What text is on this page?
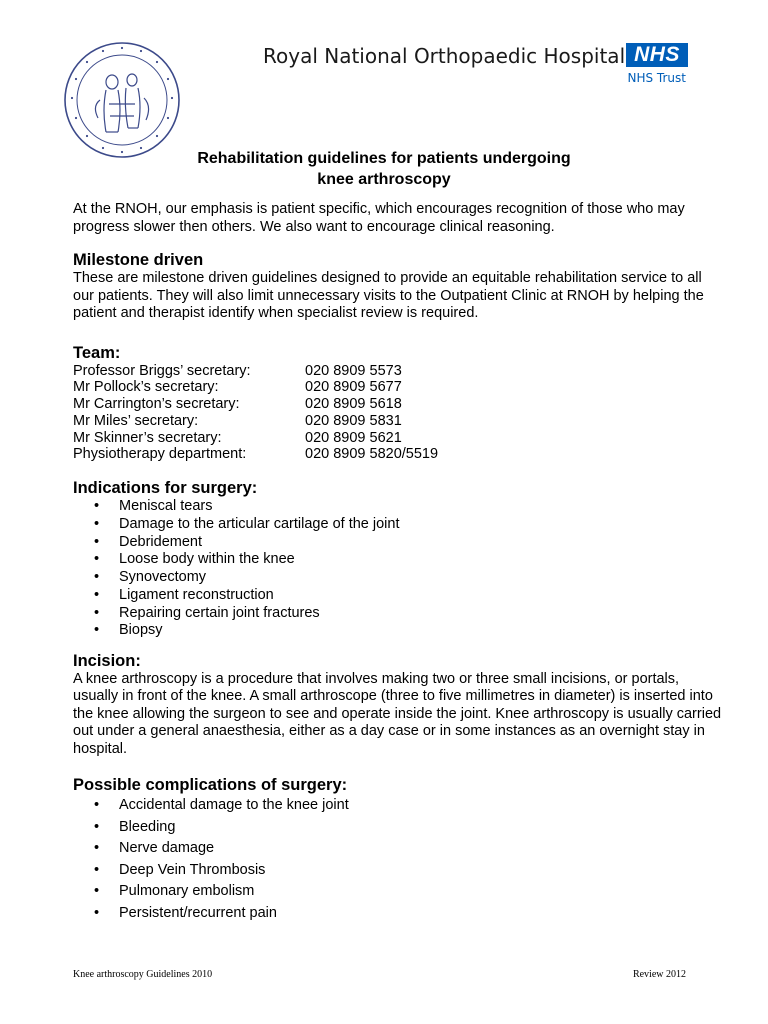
Royal National Orthopaedic Hospital NHS
NHS Trust
Rehabilitation guidelines for patients undergoing
knee arthroscopy

At the RNOH, our emphasis is patient specific, which encourages recognition of those who may progress slower then others. We also want to encourage clinical reasoning.

Milestone driven

These are milestone driven guidelines designed to provide an equitable rehabilitation service to all our patients. They will also limit unnecessary visits to the Outpatient Clinic at RNOH by helping the patient and therapist identify when specialist review is required.

Team:
Professor Briggs’ secretary:	020 8909 5573
Mr Pollock’s secretary:	020 8909 5677
Mr Carrington’s secretary:	020 8909 5618
Mr Miles’ secretary:	020 8909 5831
Mr Skinner’s secretary:	020 8909 5621
Physiotherapy department:	020 8909 5820/5519
Indications for surgery:
• Meniscal tears
• Damage to the articular cartilage of the joint
• Debridement
• Loose body within the knee
• Synovectomy
• Ligament reconstruction
• Repairing certain joint fractures
• Biopsy
Incision:

A knee arthroscopy is a procedure that involves making two or three small incisions, or portals, usually in front of the knee. A small arthroscope (three to five millimetres in diameter) is inserted into the knee allowing the surgeon to see and operate inside the joint. Knee arthroscopy is usually carried out under a general anaesthesia, either as a day case or in some instances as an overnight stay in hospital.

Possible complications of surgery:
• Accidental damage to the knee joint
• Bleeding
• Nerve damage
• Deep Vein Thrombosis
• Pulmonary embolism
• Persistent/recurrent pain
Knee arthroscopy Guidelines 2010	Review 2012
